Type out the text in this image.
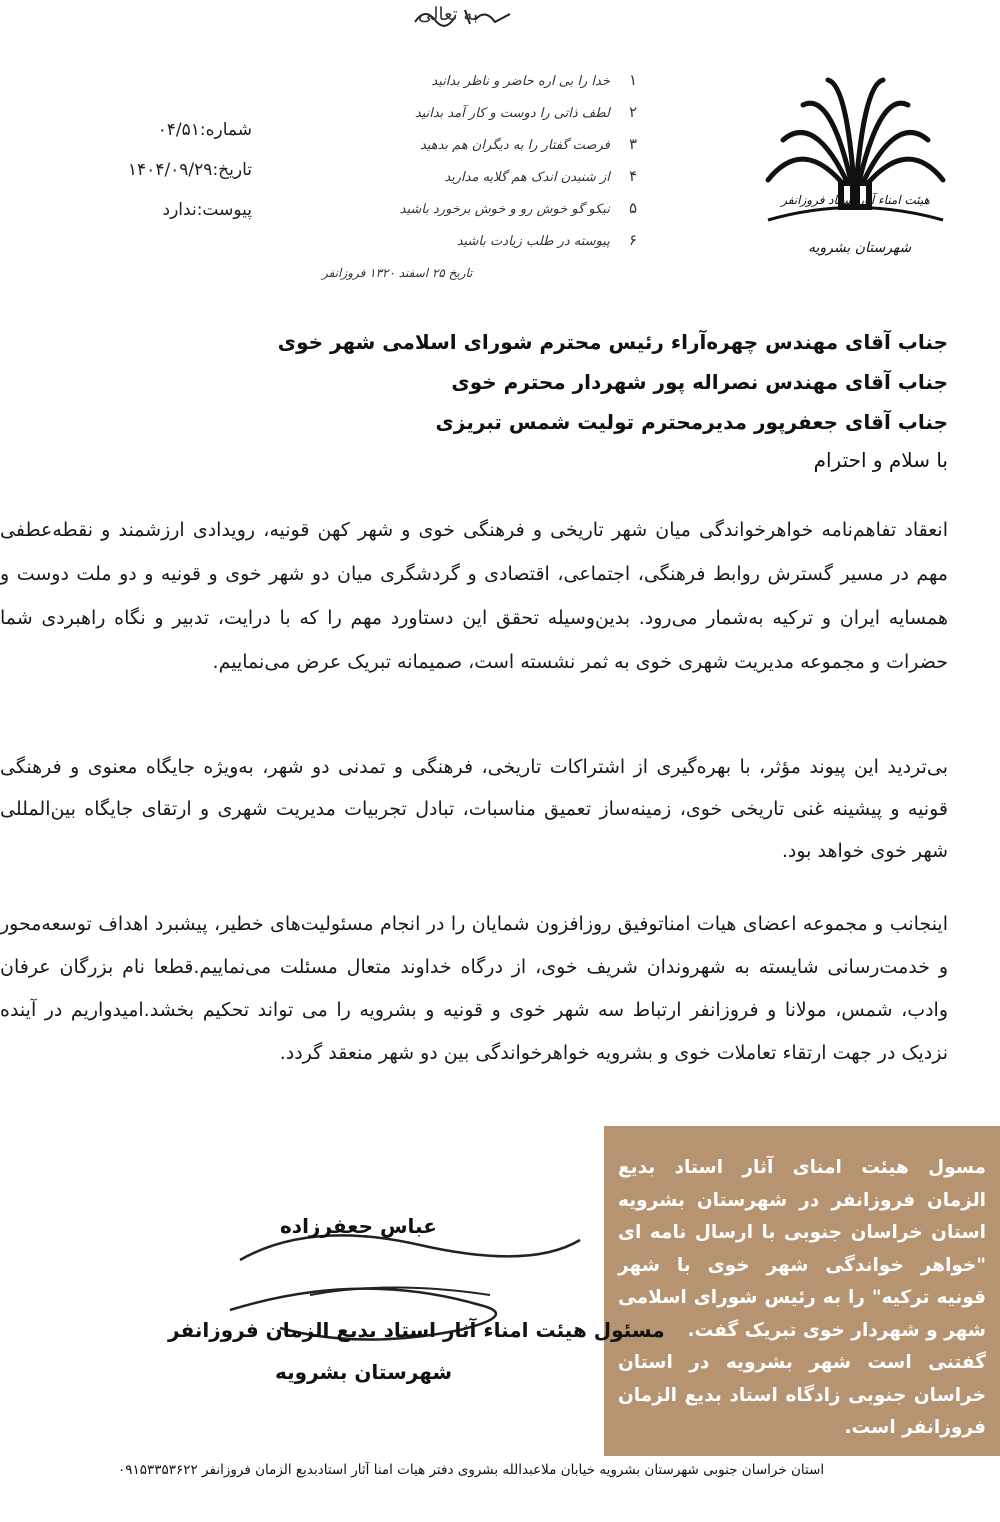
به تعالی
۱ خدا را بی اره حاضر و ناظر بدانید
۲ لطف ذاتی را دوست و کار آمد بدانید
۳ فرصت گفتار را به دیگران هم بدهید
۴ از شنیدن اندک هم گلایه مدارید
۵ نیکو گو خوش رو و خوش برخورد باشید
۶ پیوسته در طلب زیادت باشید
تاریخ ۲۵ اسفند ۱۳۲۰ فروزانفر
هیئت امناء آثار استاد فروزانفر
شهرستان بشرویه
شماره:۰۴/۵۱
تاریخ:۱۴۰۴/۰۹/۲۹
پیوست:ندارد
جناب آقای مهندس چهره‌آراء رئیس محترم شورای اسلامی شهر خوی
جناب آقای مهندس نصراله پور شهردار محترم خوی
جناب آقای جعفرپور مدیرمحترم تولیت شمس تبریزی
با سلام و احترام
انعقاد تفاهم‌نامه خواهرخواندگی میان شهر تاریخی و فرهنگی خوی و شهر کهن قونیه، رویدادی ارزشمند و نقطه‌عطفی مهم در مسیر گسترش روابط فرهنگی، اجتماعی، اقتصادی و گردشگری میان دو شهر خوی و قونیه و دو ملت دوست و همسایه ایران و ترکیه به‌شمار می‌رود. بدین‌وسیله تحقق این دستاورد مهم را که با درایت، تدبیر و نگاه راهبردی شما حضرات و مجموعه مدیریت شهری خوی به ثمر نشسته است، صمیمانه تبریک عرض می‌نماییم.
بی‌تردید این پیوند مؤثر، با بهره‌گیری از اشتراکات تاریخی، فرهنگی و تمدنی دو شهر، به‌ویژه جایگاه معنوی و فرهنگی قونیه و پیشینه غنی تاریخی خوی، زمینه‌ساز تعمیق مناسبات، تبادل تجربیات مدیریت شهری و ارتقای جایگاه بین‌المللی شهر خوی خواهد بود.
اینجانب و مجموعه اعضای هیات امناتوفیق روزافزون شمایان را در انجام مسئولیت‌های خطیر، پیشبرد اهداف توسعه‌محور و خدمت‌رسانی شایسته به شهروندان شریف خوی، از درگاه خداوند متعال مسئلت می‌نماییم.قطعا نام بزرگان عرفان وادب، شمس، مولانا و فروزانفر ارتباط سه شهر خوی و قونیه و بشرویه را می تواند تحکیم بخشد.امیدواریم در آینده نزدیک در جهت ارتقاء تعاملات خوی و بشرویه خواهرخواندگی بین دو شهر منعقد گردد.

مسول هیئت امنای آثار استاد بدیع الزمان فروزانفر در شهرستان بشرویه استان خراسان جنوبی با ارسال نامه ای "خواهر خواندگی شهر خوی با شهر قونیه ترکیه" را به رئیس شورای اسلامی شهر و شهردار خوی تبریک گفت.

گفتنی است شهر بشرویه در استان خراسان جنوبی زادگاه استاد بدیع الزمان فروزانفر است.

عباس جعفرزاده
مسئول هیئت امناء آثار استاد بدیع الزمان فروزانفر
شهرستان بشرویه
استان خراسان جنوبی شهرستان بشرویه خیابان ملاعبدالله بشروی دفتر هیات امنا آثار استادبدیع الزمان فروزانفر ۰۹۱۵۳۳۵۳۶۲۲
